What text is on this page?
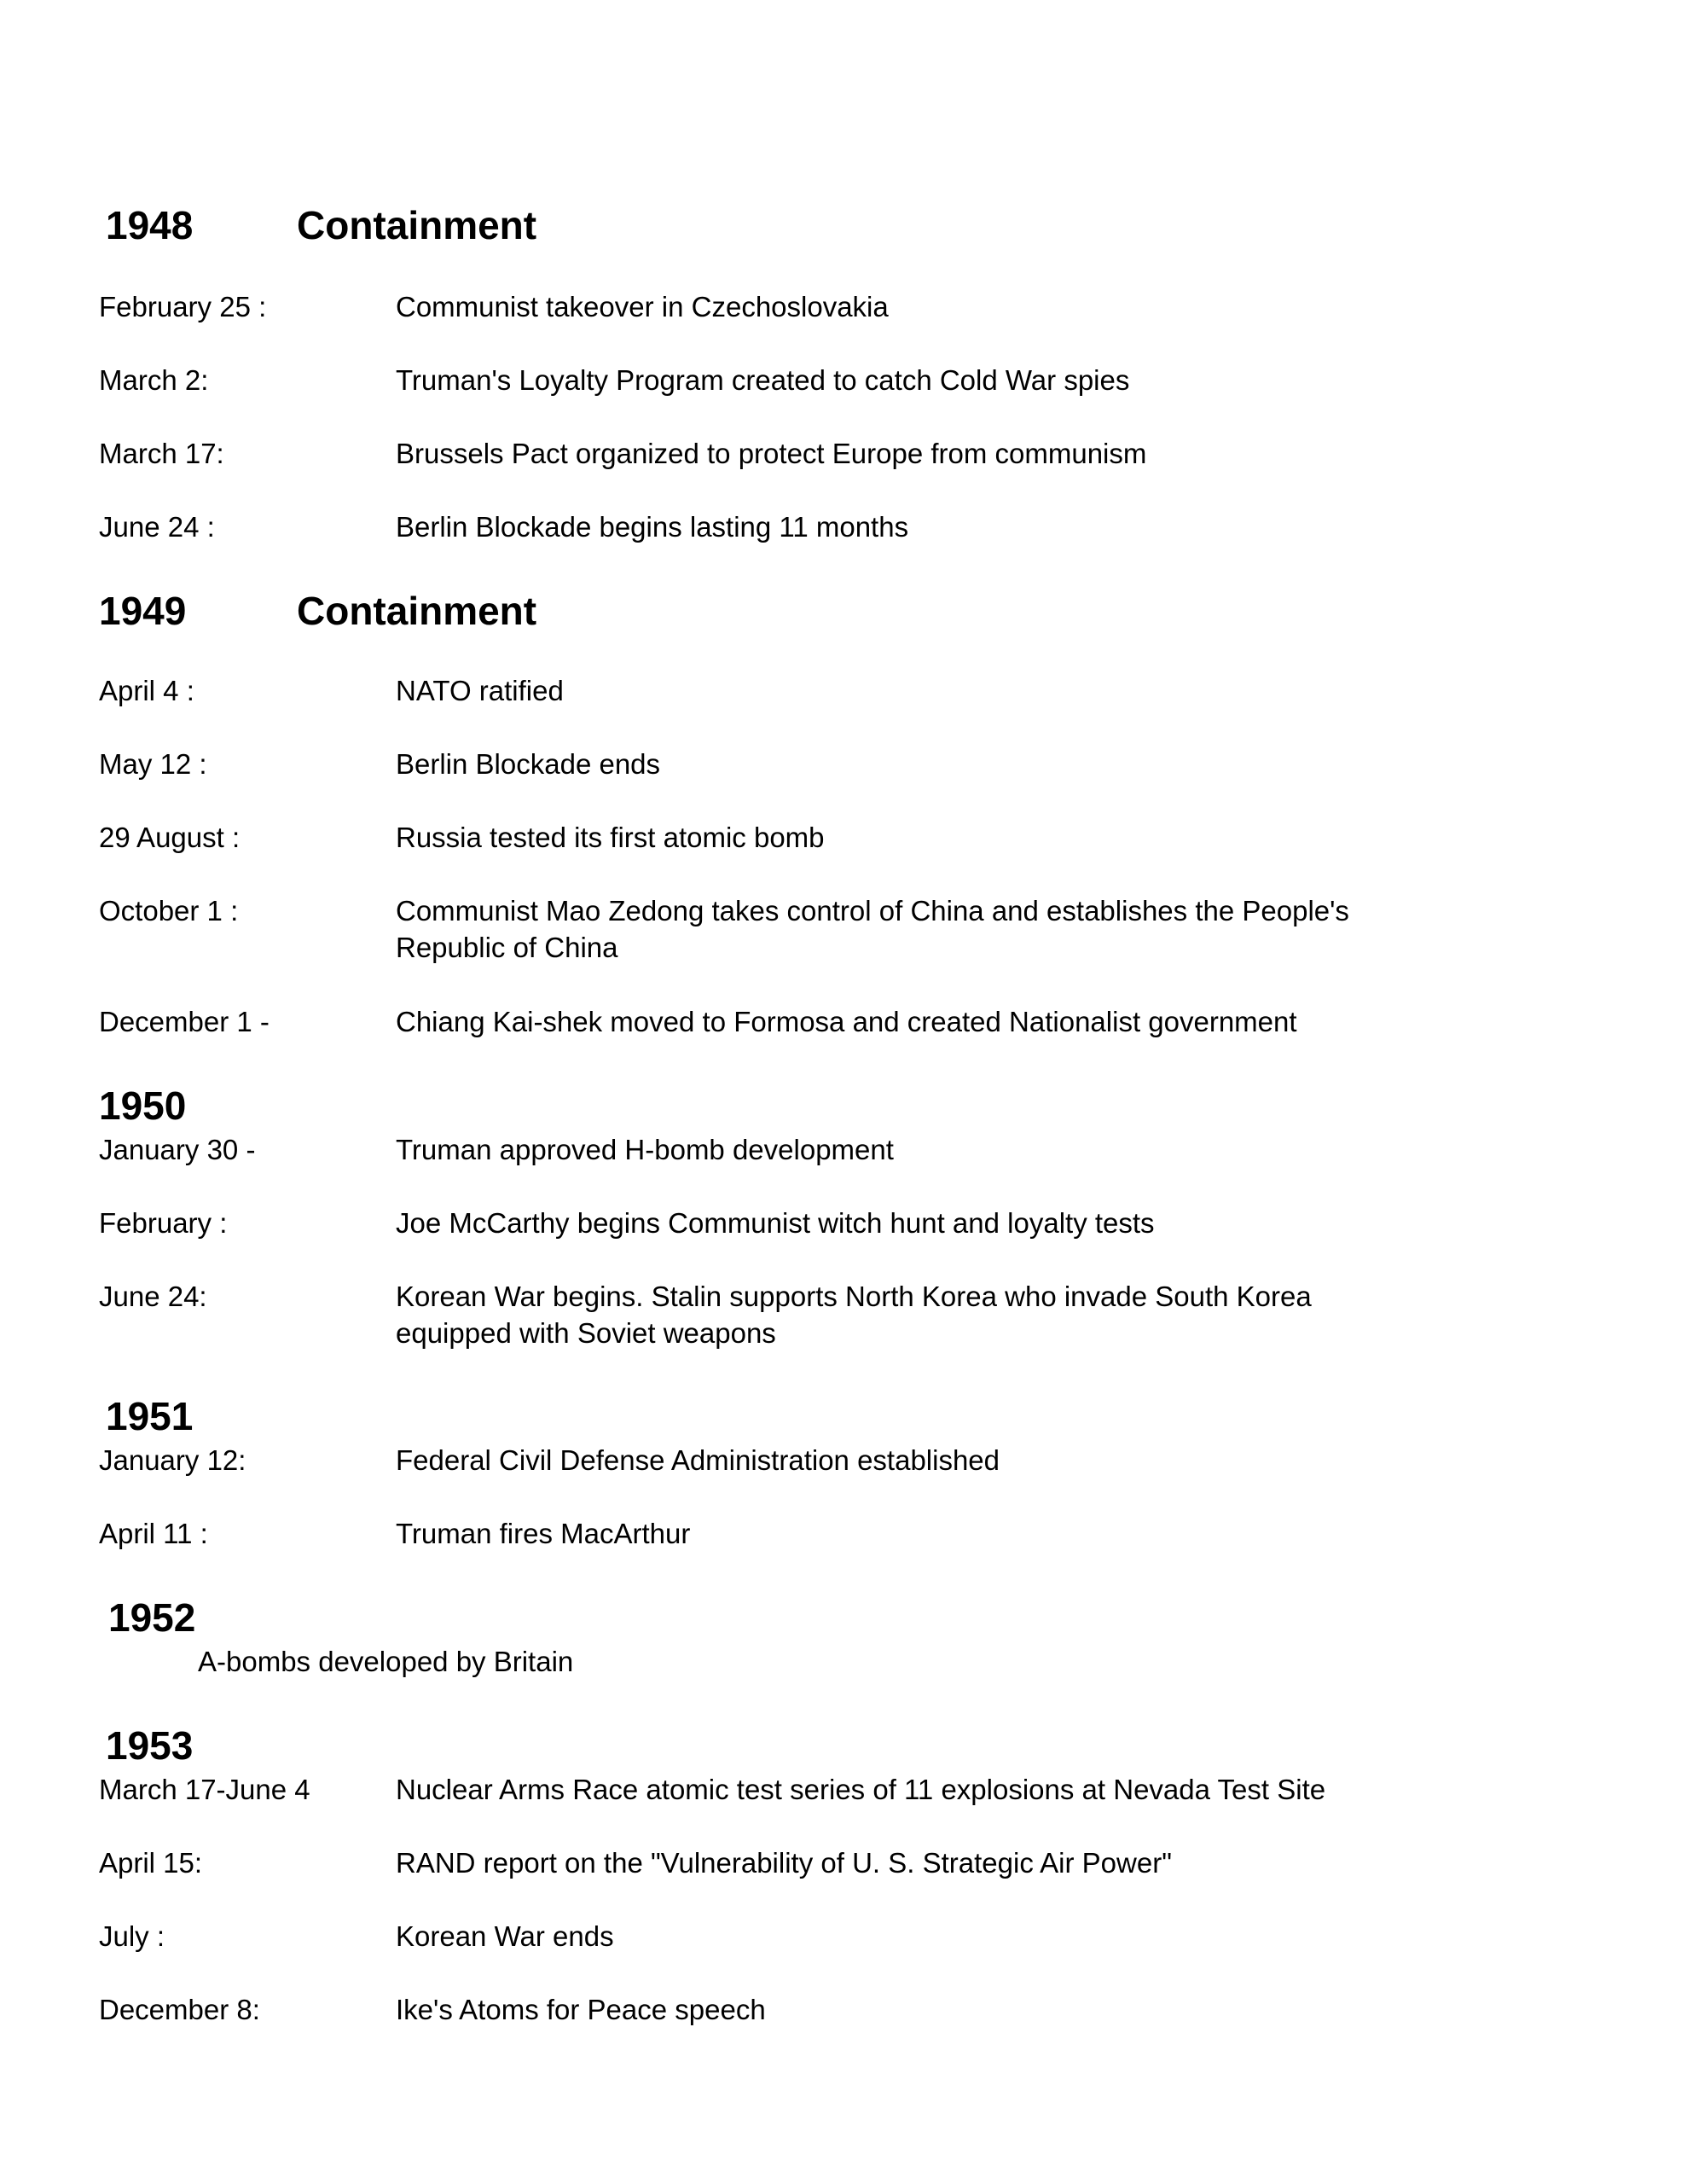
1948	Containment
February 25 :	Communist takeover in Czechoslovakia
March 2:	Truman's Loyalty Program created to catch Cold War spies
March 17:	Brussels Pact organized to protect Europe from communism
June 24 :	Berlin Blockade begins lasting 11 months
1949	Containment
April 4 :	NATO ratified
May 12 :	Berlin Blockade ends
29 August :	Russia tested its first atomic bomb
October 1 :	Communist Mao Zedong takes control of China and establishes the People's
Republic of China
December 1 -	Chiang Kai-shek moved to Formosa and created Nationalist government
1950
January 30 -	Truman approved H-bomb development
February :	Joe McCarthy begins Communist witch hunt and loyalty tests
June 24:	Korean War begins. Stalin supports North Korea who invade South Korea
equipped with Soviet weapons
1951
January 12:	Federal Civil Defense Administration established
April 11 :	Truman fires MacArthur
1952
A-bombs developed by Britain
1953
March 17-June 4	Nuclear Arms Race atomic test series of 11 explosions at Nevada Test Site
April 15:	RAND report on the "Vulnerability of U. S. Strategic Air Power"
July :	Korean War ends
December 8:	Ike's Atoms for Peace speech
